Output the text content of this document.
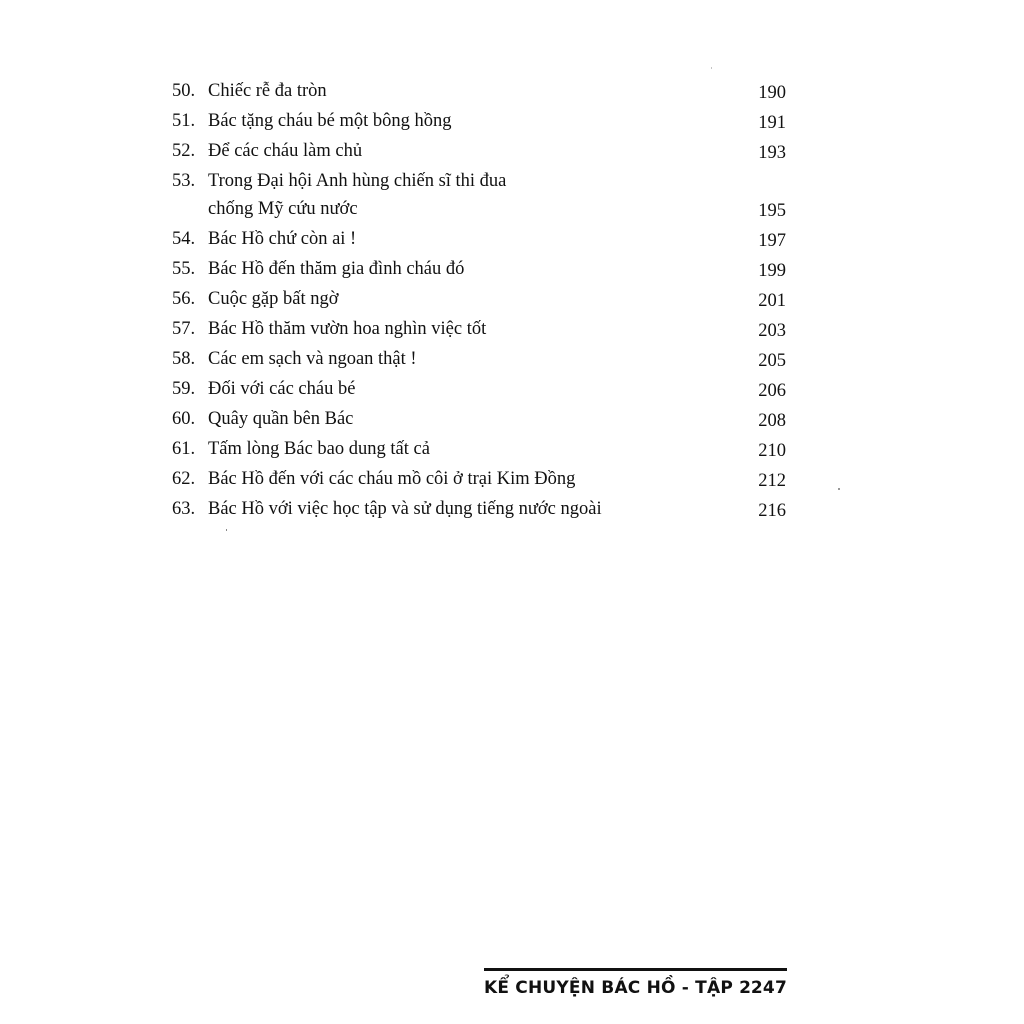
50. Chiếc rễ đa tròn	190
51. Bác tặng cháu bé một bông hồng	191
52. Để các cháu làm chủ	193
53. Trong Đại hội Anh hùng chiến sĩ thi đua
chống Mỹ cứu nước	195
54. Bác Hồ chứ còn ai !	197
55. Bác Hồ đến thăm gia đình cháu đó	199
56. Cuộc gặp bất ngờ	201
57. Bác Hồ thăm vườn hoa nghìn việc tốt	203
58. Các em sạch và ngoan thật !	205
59. Đối với các cháu bé	206
60. Quây quần bên Bác	208
61. Tấm lòng Bác bao dung tất cả	210
62. Bác Hồ đến với các cháu mồ côi ở trại Kim Đồng	212
63. Bác Hồ với việc học tập và sử dụng tiếng nước ngoài	216
KỂ CHUYỆN BÁC HỒ - TẬP 2 247
